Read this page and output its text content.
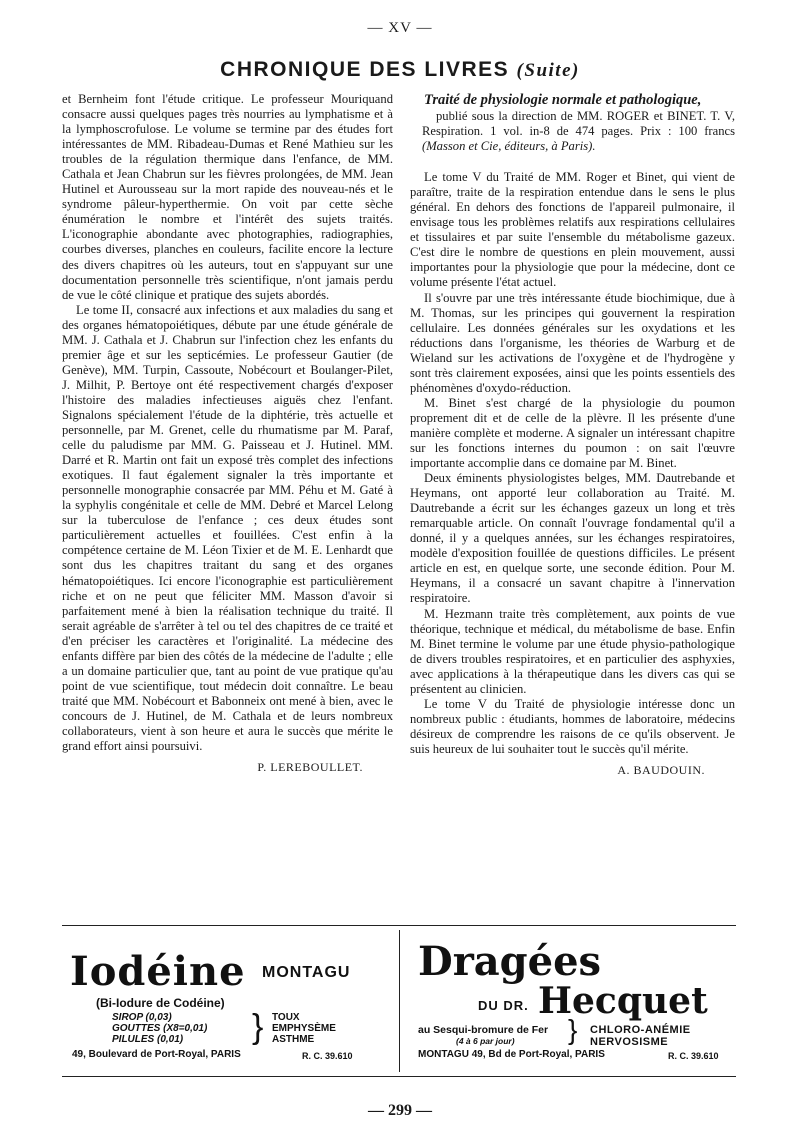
— XV —
CHRONIQUE DES LIVRES (Suite)

et Bernheim font l'étude critique. Le professeur Mouriquand consacre aussi quelques pages très nourries au lymphatisme et à la lymphoscrofulose. Le volume se termine par des études fort intéressantes de MM. Ribadeau-Dumas et René Mathieu sur les troubles de la régulation thermique dans l'enfance, de MM. Cathala et Jean Chabrun sur les fièvres prolongées, de MM. Jean Hutinel et Aurousseau sur la mort rapide des nouveau-nés et le syndrome pâleur-hyperthermie. On voit par cette sèche énumération le nombre et l'intérêt des sujets traités. L'iconographie abondante avec photographies, radiographies, courbes diverses, planches en couleurs, facilite encore la lecture des divers chapitres où les auteurs, tout en s'appuyant sur une documentation personnelle très scientifique, n'ont jamais perdu de vue le côté clinique et pratique des sujets abordés.

Le tome II, consacré aux infections et aux maladies du sang et des organes hématopoiétiques, débute par une étude générale de MM. J. Cathala et J. Chabrun sur l'infection chez les enfants du premier âge et sur les septicémies. Le professeur Gautier (de Genève), MM. Turpin, Cassoute, Nobécourt et Boulanger-Pilet, J. Milhit, P. Bertoye ont été respectivement chargés d'exposer l'histoire des maladies infectieuses aiguës chez l'enfant. Signalons spécialement l'étude de la diphtérie, très actuelle et personnelle, par M. Grenet, celle du rhumatisme par M. Paraf, celle du paludisme par MM. G. Paisseau et J. Hutinel. MM. Darré et R. Martin ont fait un exposé très complet des infections exotiques. Il faut également signaler la très importante et personnelle monographie consacrée par MM. Péhu et M. Gaté à la syphylis congénitale et celle de MM. Debré et Marcel Lelong sur la tuberculose de l'enfance ; ces deux études sont particulièrement actuelles et fouillées. C'est enfin à la compétence certaine de M. Léon Tixier et de M. E. Lenhardt que sont dus les chapitres traitant du sang et des organes hématopoiétiques. Ici encore l'iconographie est particulièrement riche et on ne peut que féliciter MM. Masson d'avoir si parfaitement mené à bien la réalisation technique du traité. Il serait agréable de s'arrêter à tel ou tel des chapitres de ce traité et d'en préciser les caractères et l'originalité. La médecine des enfants diffère par bien des côtés de la médecine de l'adulte ; elle a un domaine particulier que, tant au point de vue pratique qu'au point de vue scientifique, tout médecin doit connaître. Le beau traité que MM. Nobécourt et Babonneix ont mené à bien, avec le concours de J. Hutinel, de M. Cathala et de leurs nombreux collaborateurs, vient à son heure et aura le succès que mérite le grand effort ainsi poursuivi.

P. LEREBOULLET.

Traité de physiologie normale et pathologique,

publié sous la direction de MM. ROGER et BINET. T. V, Respiration. 1 vol. in-8 de 474 pages. Prix : 100 francs (Masson et Cie, éditeurs, à Paris).

Le tome V du Traité de MM. Roger et Binet, qui vient de paraître, traite de la respiration entendue dans le sens le plus général. En dehors des fonctions de l'appareil pulmonaire, il envisage tous les problèmes relatifs aux respirations cellulaires et tissulaires et par suite l'ensemble du métabolisme gazeux. C'est dire le nombre de questions en plein mouvement, aussi importantes pour la physiologie que pour la médecine, dont ce volume présente l'état actuel.

Il s'ouvre par une très intéressante étude biochimique, due à M. Thomas, sur les principes qui gouvernent la respiration cellulaire. Les données générales sur les oxydations et les réductions dans l'organisme, les théories de Warburg et de Wieland sur les activations de l'oxygène et de l'hydrogène y sont très clairement exposées, ainsi que les points essentiels des phénomènes d'oxydo-réduction.

M. Binet s'est chargé de la physiologie du poumon proprement dit et de celle de la plèvre. Il les présente d'une manière complète et moderne. A signaler un intéressant chapitre sur les fonctions internes du poumon : on sait l'œuvre importante accomplie dans ce domaine par M. Binet.

Deux éminents physiologistes belges, MM. Dautrebande et Heymans, ont apporté leur collaboration au Traité. M. Dautrebande a écrit sur les échanges gazeux un long et très remarquable article. On connaît l'ouvrage fondamental qu'il a donné, il y a quelques années, sur les échanges respiratoires, modèle d'exposition fouillée de questions difficiles. Le présent article en est, en quelque sorte, une seconde édition. Pour M. Heymans, il a consacré un savant chapitre à l'innervation respiratoire.

M. Hezmann traite très complètement, aux points de vue théorique, technique et médical, du métabolisme de base. Enfin M. Binet termine le volume par une étude physio-pathologique de divers troubles respiratoires, et en particulier des asphyxies, avec applications à la thérapeutique dans les divers cas qui se présentent au clinicien.

Le tome V du Traité de physiologie intéresse donc un nombreux public : étudiants, hommes de laboratoire, médecins désireux de comprendre les raisons de ce qu'ils observent. Je suis heureux de lui souhaiter tout le succès qu'il mérite.

A. BAUDOUIN.
Iodéine MONTAGU
(Bi-Iodure de Codéine)
SIROP (0,03)
GOUTTES (X8=0,01)
PILULES (0,01)	} TOUX
EMPHYSÈME
ASTHME
49, Boulevard de Port-Royal, PARIS	R. C. 39.610
Dragées
DU DR. Hecquet
au Sesqui-bromure de Fer
(4 à 6 par jour) } CHLORO-ANÉMIE
NERVOSISME
MONTAGU 49, Bd de Port-Royal, PARIS	R. C. 39.610
— 299 —
